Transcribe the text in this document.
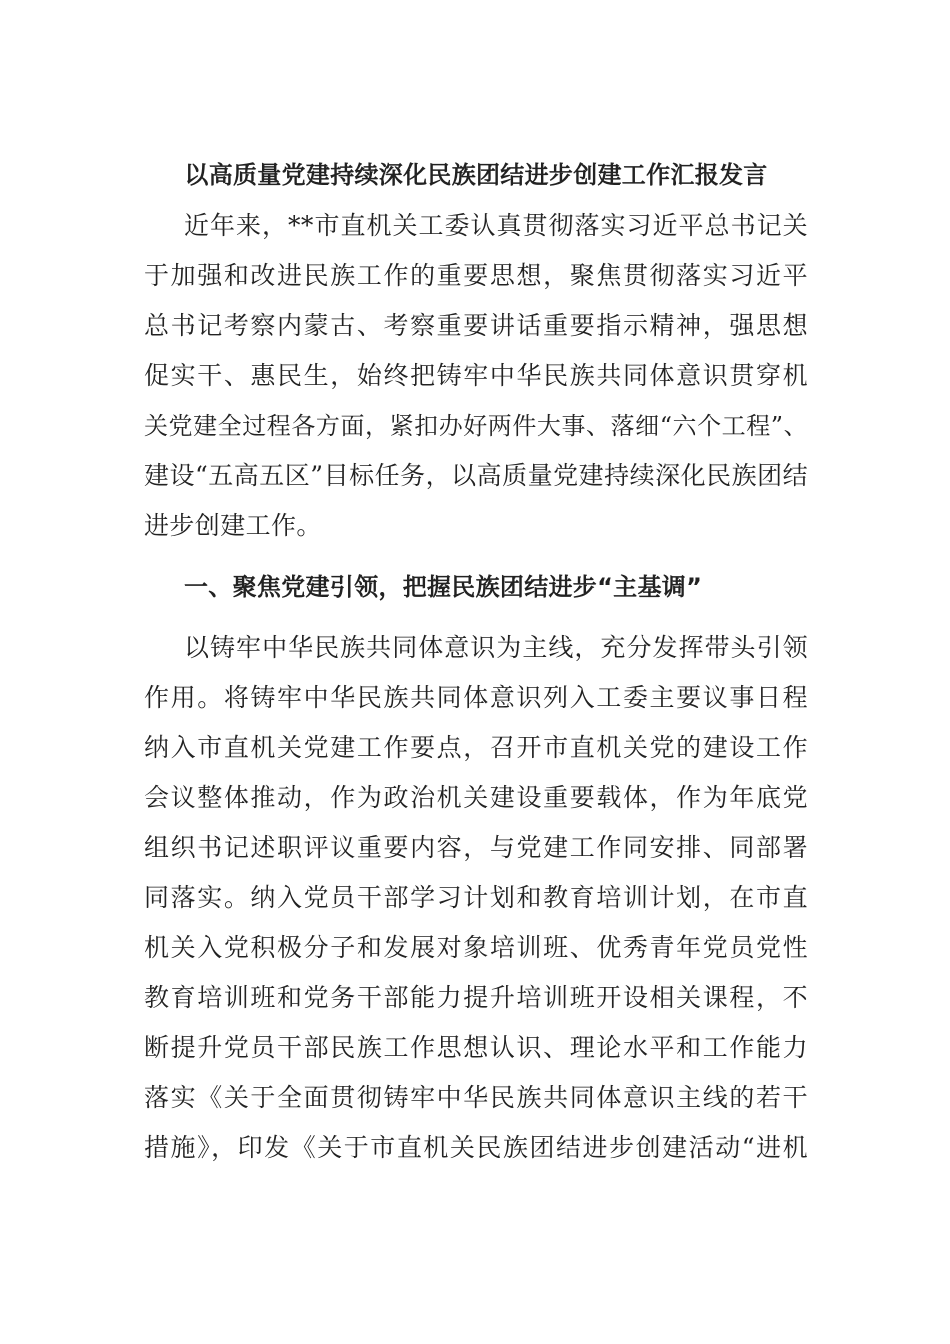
以高质量党建持续深化民族团结进步创建工作汇报发言
近年来，**市直机关工委认真贯彻落实习近平总书记关
于加强和改进民族工作的重要思想，聚焦贯彻落实习近平
总书记考察内蒙古、考察重要讲话重要指示精神，强思想
促实干、惠民生，始终把铸牢中华民族共同体意识贯穿机
关党建全过程各方面，紧扣办好两件大事、落细“六个工程”、
建设“五高五区”目标任务，以高质量党建持续深化民族团结
进步创建工作。
一、聚焦党建引领，把握民族团结进步“主基调”
以铸牢中华民族共同体意识为主线，充分发挥带头引领
作用。将铸牢中华民族共同体意识列入工委主要议事日程
纳入市直机关党建工作要点，召开市直机关党的建设工作
会议整体推动，作为政治机关建设重要载体，作为年底党
组织书记述职评议重要内容，与党建工作同安排、同部署
同落实。纳入党员干部学习计划和教育培训计划，在市直
机关入党积极分子和发展对象培训班、优秀青年党员党性
教育培训班和党务干部能力提升培训班开设相关课程，不
断提升党员干部民族工作思想认识、理论水平和工作能力
落实《关于全面贯彻铸牢中华民族共同体意识主线的若干
措施》，印发《关于市直机关民族团结进步创建活动“进机
